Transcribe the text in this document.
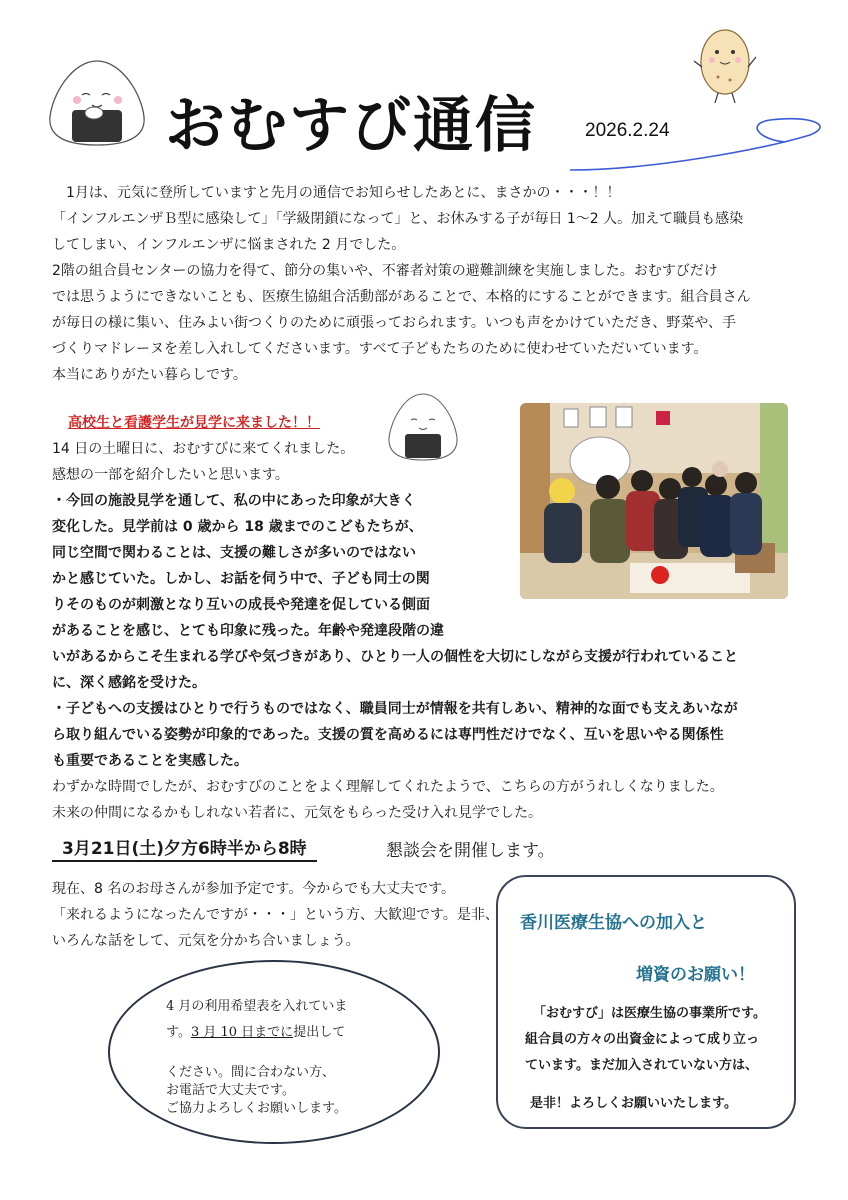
おむすび通信	2026.2.24
　1月は、元気に登所していますと先月の通信でお知らせしたあとに、まさかの・・・！！
「インフルエンザＢ型に感染して」「学級閉鎖になって」と、お休みする子が毎日 1～2 人。加えて職員も感染
してしまい、インフルエンザに悩まされた 2 月でした。
2階の組合員センターの協力を得て、節分の集いや、不審者対策の避難訓練を実施しました。おむすびだけ
では思うようにできないことも、医療生協組合活動部があることで、本格的にすることができます。組合員さん
が毎日の様に集い、住みよい街つくりのために頑張っておられます。いつも声をかけていただき、野菜や、手
づくりマドレーヌを差し入れしてくださいます。すべて子どもたちのために使わせていただいています。
本当にありがたい暮らしです。
高校生と看護学生が見学に来ました！！
14 日の土曜日に、おむすびに来てくれました。
感想の一部を紹介したいと思います。
・今回の施設見学を通して、私の中にあった印象が大きく
変化した。見学前は 0 歳から 18 歳までのこどもたちが、
同じ空間で関わることは、支援の難しさが多いのではない
かと感じていた。しかし、お話を伺う中で、子ども同士の関
りそのものが刺激となり互いの成長や発達を促している側面
があることを感じ、とても印象に残った。年齢や発達段階の違
いがあるからこそ生まれる学びや気づきがあり、ひとり一人の個性を大切にしながら支援が行われていること
に、深く感銘を受けた。
・子どもへの支援はひとりで行うものではなく、職員同士が情報を共有しあい、精神的な面でも支えあいなが
ら取り組んでいる姿勢が印象的であった。支援の質を高めるには専門性だけでなく、互いを思いやる関係性
も重要であることを実感した。
わずかな時間でしたが、おむすびのことをよく理解してくれたようで、こちらの方がうれしくなりました。
未来の仲間になるかもしれない若者に、元気をもらった受け入れ見学でした。
3月21日(土)夕方6時半から8時	懇談会を開催します。
現在、8 名のお母さんが参加予定です。今からでも大丈夫です。
「来れるようになったんですが・・・」という方、大歓迎です。是非、
いろんな話をして、元気を分かち合いましょう。
4 月の利用希望表を入れていま
す。3 月 10 日までに提出して
ください。間に合わない方、
お電話で大丈夫です。
ご協力よろしくお願いします。
香川医療生協への加入と
増資のお願い！
「おむすび」は医療生協の事業所です。
組合員の方々の出資金によって成り立っ
ています。まだ加入されていない方は、
是非！よろしくお願いいたします。
